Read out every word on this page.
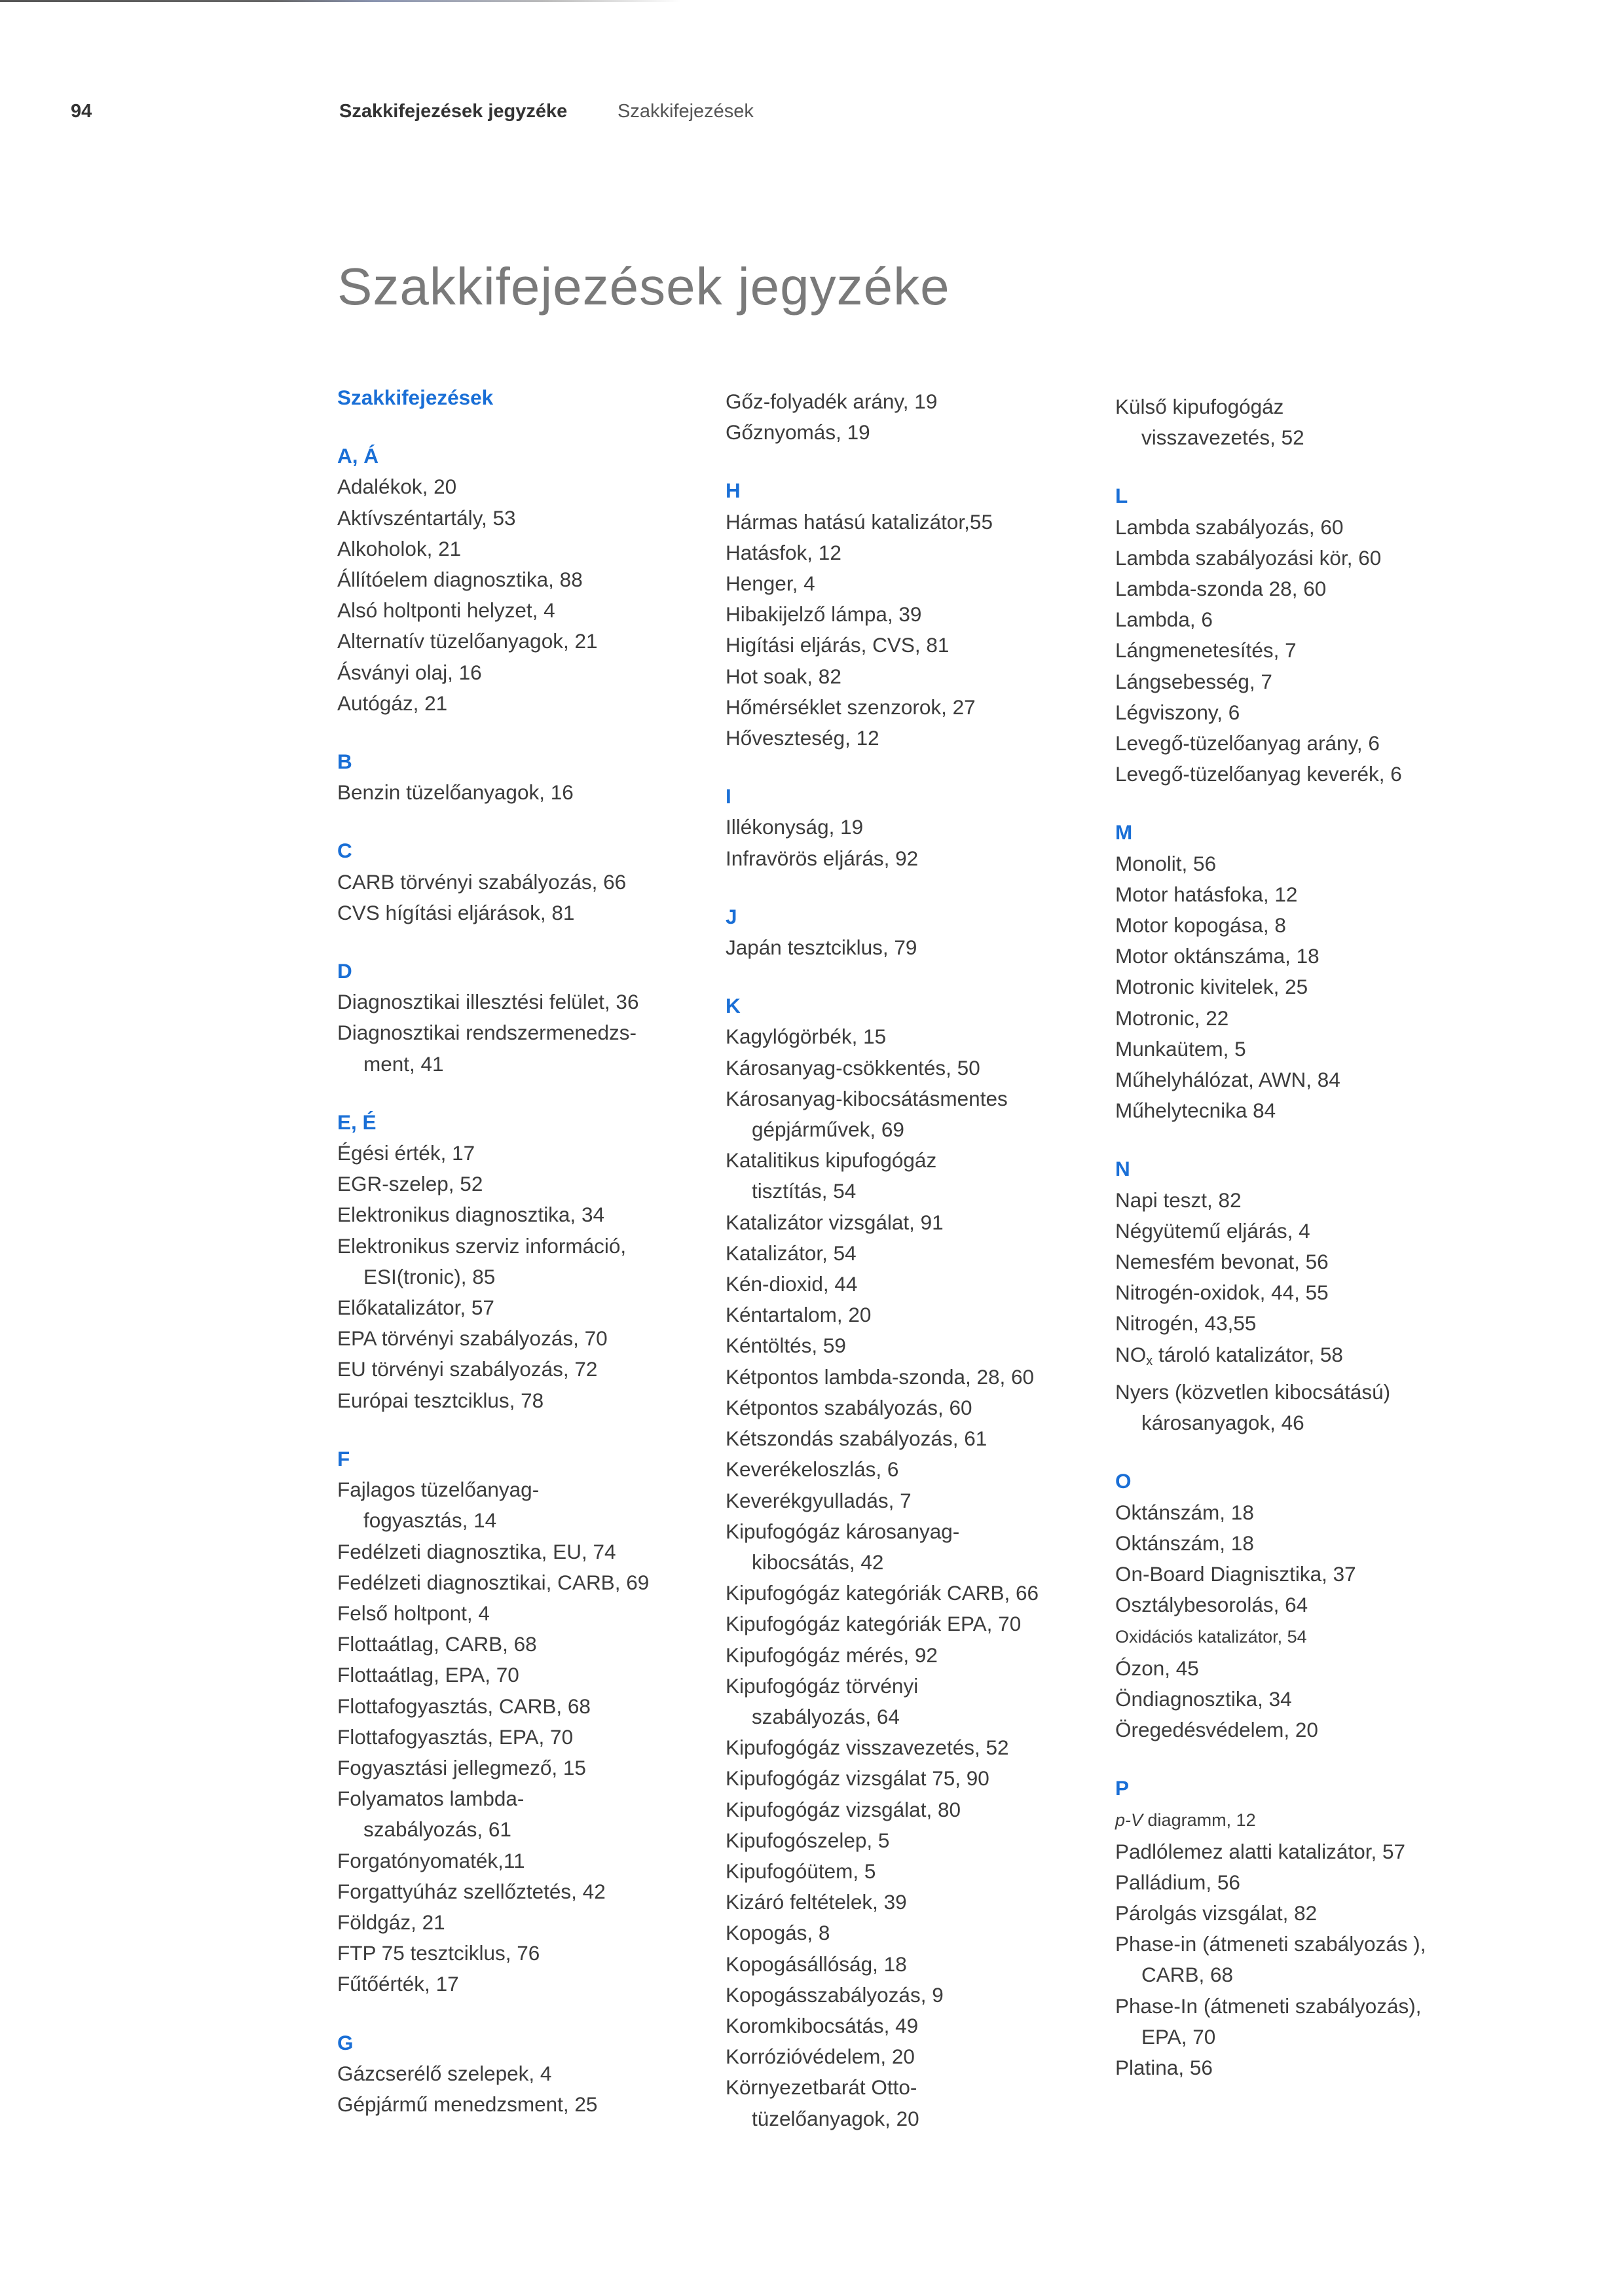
94	Szakkifejezések jegyzéke	Szakkifejezések
Szakkifejezések jegyzéke
Szakkifejezések
A, Á
Adalékok, 20
Aktívszéntartály, 53
Alkoholok, 21
Állítóelem diagnosztika, 88
Alsó holtponti helyzet, 4
Alternatív tüzelőanyagok, 21
Ásványi olaj, 16
Autógáz, 21
B
Benzin tüzelőanyagok, 16
C
CARB törvényi szabályozás, 66
CVS hígítási eljárások, 81
D
Diagnosztikai illesztési felület, 36
Diagnosztikai rendszermenedzs-
ment, 41
E, É
Égési érték, 17
EGR-szelep, 52
Elektronikus diagnosztika, 34
Elektronikus szerviz információ,
ESI(tronic), 85
Előkatalizátor, 57
EPA törvényi szabályozás, 70
EU törvényi szabályozás, 72
Európai tesztciklus, 78
F
Fajlagos tüzelőanyag-
fogyasztás, 14
Fedélzeti diagnosztika, EU, 74
Fedélzeti diagnosztikai, CARB, 69
Felső holtpont, 4
Flottaátlag, CARB, 68
Flottaátlag, EPA, 70
Flottafogyasztás, CARB, 68
Flottafogyasztás, EPA, 70
Fogyasztási jellegmező, 15
Folyamatos lambda-
szabályozás, 61
Forgatónyomaték,11
Forgattyúház szellőztetés, 42
Földgáz, 21
FTP 75 tesztciklus, 76
Fűtőérték, 17
G
Gázcserélő szelepek, 4
Gépjármű menedzsment, 25
Gőz-folyadék arány, 19
Gőznyomás, 19
H
Hármas hatású katalizátor,55
Hatásfok, 12
Henger, 4
Hibakijelző lámpa, 39
Higítási eljárás, CVS, 81
Hot soak, 82
Hőmérséklet szenzorok, 27
Hőveszteség, 12
I
Illékonyság, 19
Infravörös eljárás, 92
J
Japán tesztciklus, 79
K
Kagylógörbék, 15
Károsanyag-csökkentés, 50
Károsanyag-kibocsátásmentes
gépjárművek, 69
Katalitikus kipufogógáz
tisztítás, 54
Katalizátor vizsgálat, 91
Katalizátor, 54
Kén-dioxid, 44
Kéntartalom, 20
Kéntöltés, 59
Kétpontos lambda-szonda, 28, 60
Kétpontos szabályozás, 60
Kétszondás szabályozás, 61
Keverékeloszlás, 6
Keverékgyulladás, 7
Kipufogógáz károsanyag-
kibocsátás, 42
Kipufogógáz kategóriák CARB, 66
Kipufogógáz kategóriák EPA, 70
Kipufogógáz mérés, 92
Kipufogógáz törvényi
szabályozás, 64
Kipufogógáz visszavezetés, 52
Kipufogógáz vizsgálat 75, 90
Kipufogógáz vizsgálat, 80
Kipufogószelep, 5
Kipufogóütem, 5
Kizáró feltételek, 39
Kopogás, 8
Kopogásállóság, 18
Kopogásszabályozás, 9
Koromkibocsátás, 49
Korrózióvédelem, 20
Környezetbarát Otto-
tüzelőanyagok, 20
Külső kipufogógáz
visszavezetés, 52
L
Lambda szabályozás, 60
Lambda szabályozási kör, 60
Lambda-szonda 28, 60
Lambda, 6
Lángmenetesítés, 7
Lángsebesség, 7
Légviszony, 6
Levegő-tüzelőanyag arány, 6
Levegő-tüzelőanyag keverék, 6
M
Monolit, 56
Motor hatásfoka, 12
Motor kopogása, 8
Motor oktánszáma, 18
Motronic kivitelek, 25
Motronic, 22
Munkaütem, 5
Műhelyhálózat, AWN, 84
Műhelytecnika 84
N
Napi teszt, 82
Négyütemű eljárás, 4
Nemesfém bevonat, 56
Nitrogén-oxidok, 44, 55
Nitrogén, 43,55
$NO_x$ tároló katalizátor, 58
Nyers (közvetlen kibocsátású)
károsanyagok, 46
O
Oktánszám, 18
Oktánszám, 18
On-Board Diagnisztika, 37
Osztálybesorolás, 64
Oxidációs katalizátor, 54
Ózon, 45
Öndiagnosztika, 34
Öregedésvédelem, 20
P
p-V diagramm, 12
Padlólemez alatti katalizátor, 57
Palládium, 56
Párolgás vizsgálat, 82
Phase-in (átmeneti szabályozás ),
CARB, 68
Phase-In (átmeneti szabályozás),
EPA, 70
Platina, 56
